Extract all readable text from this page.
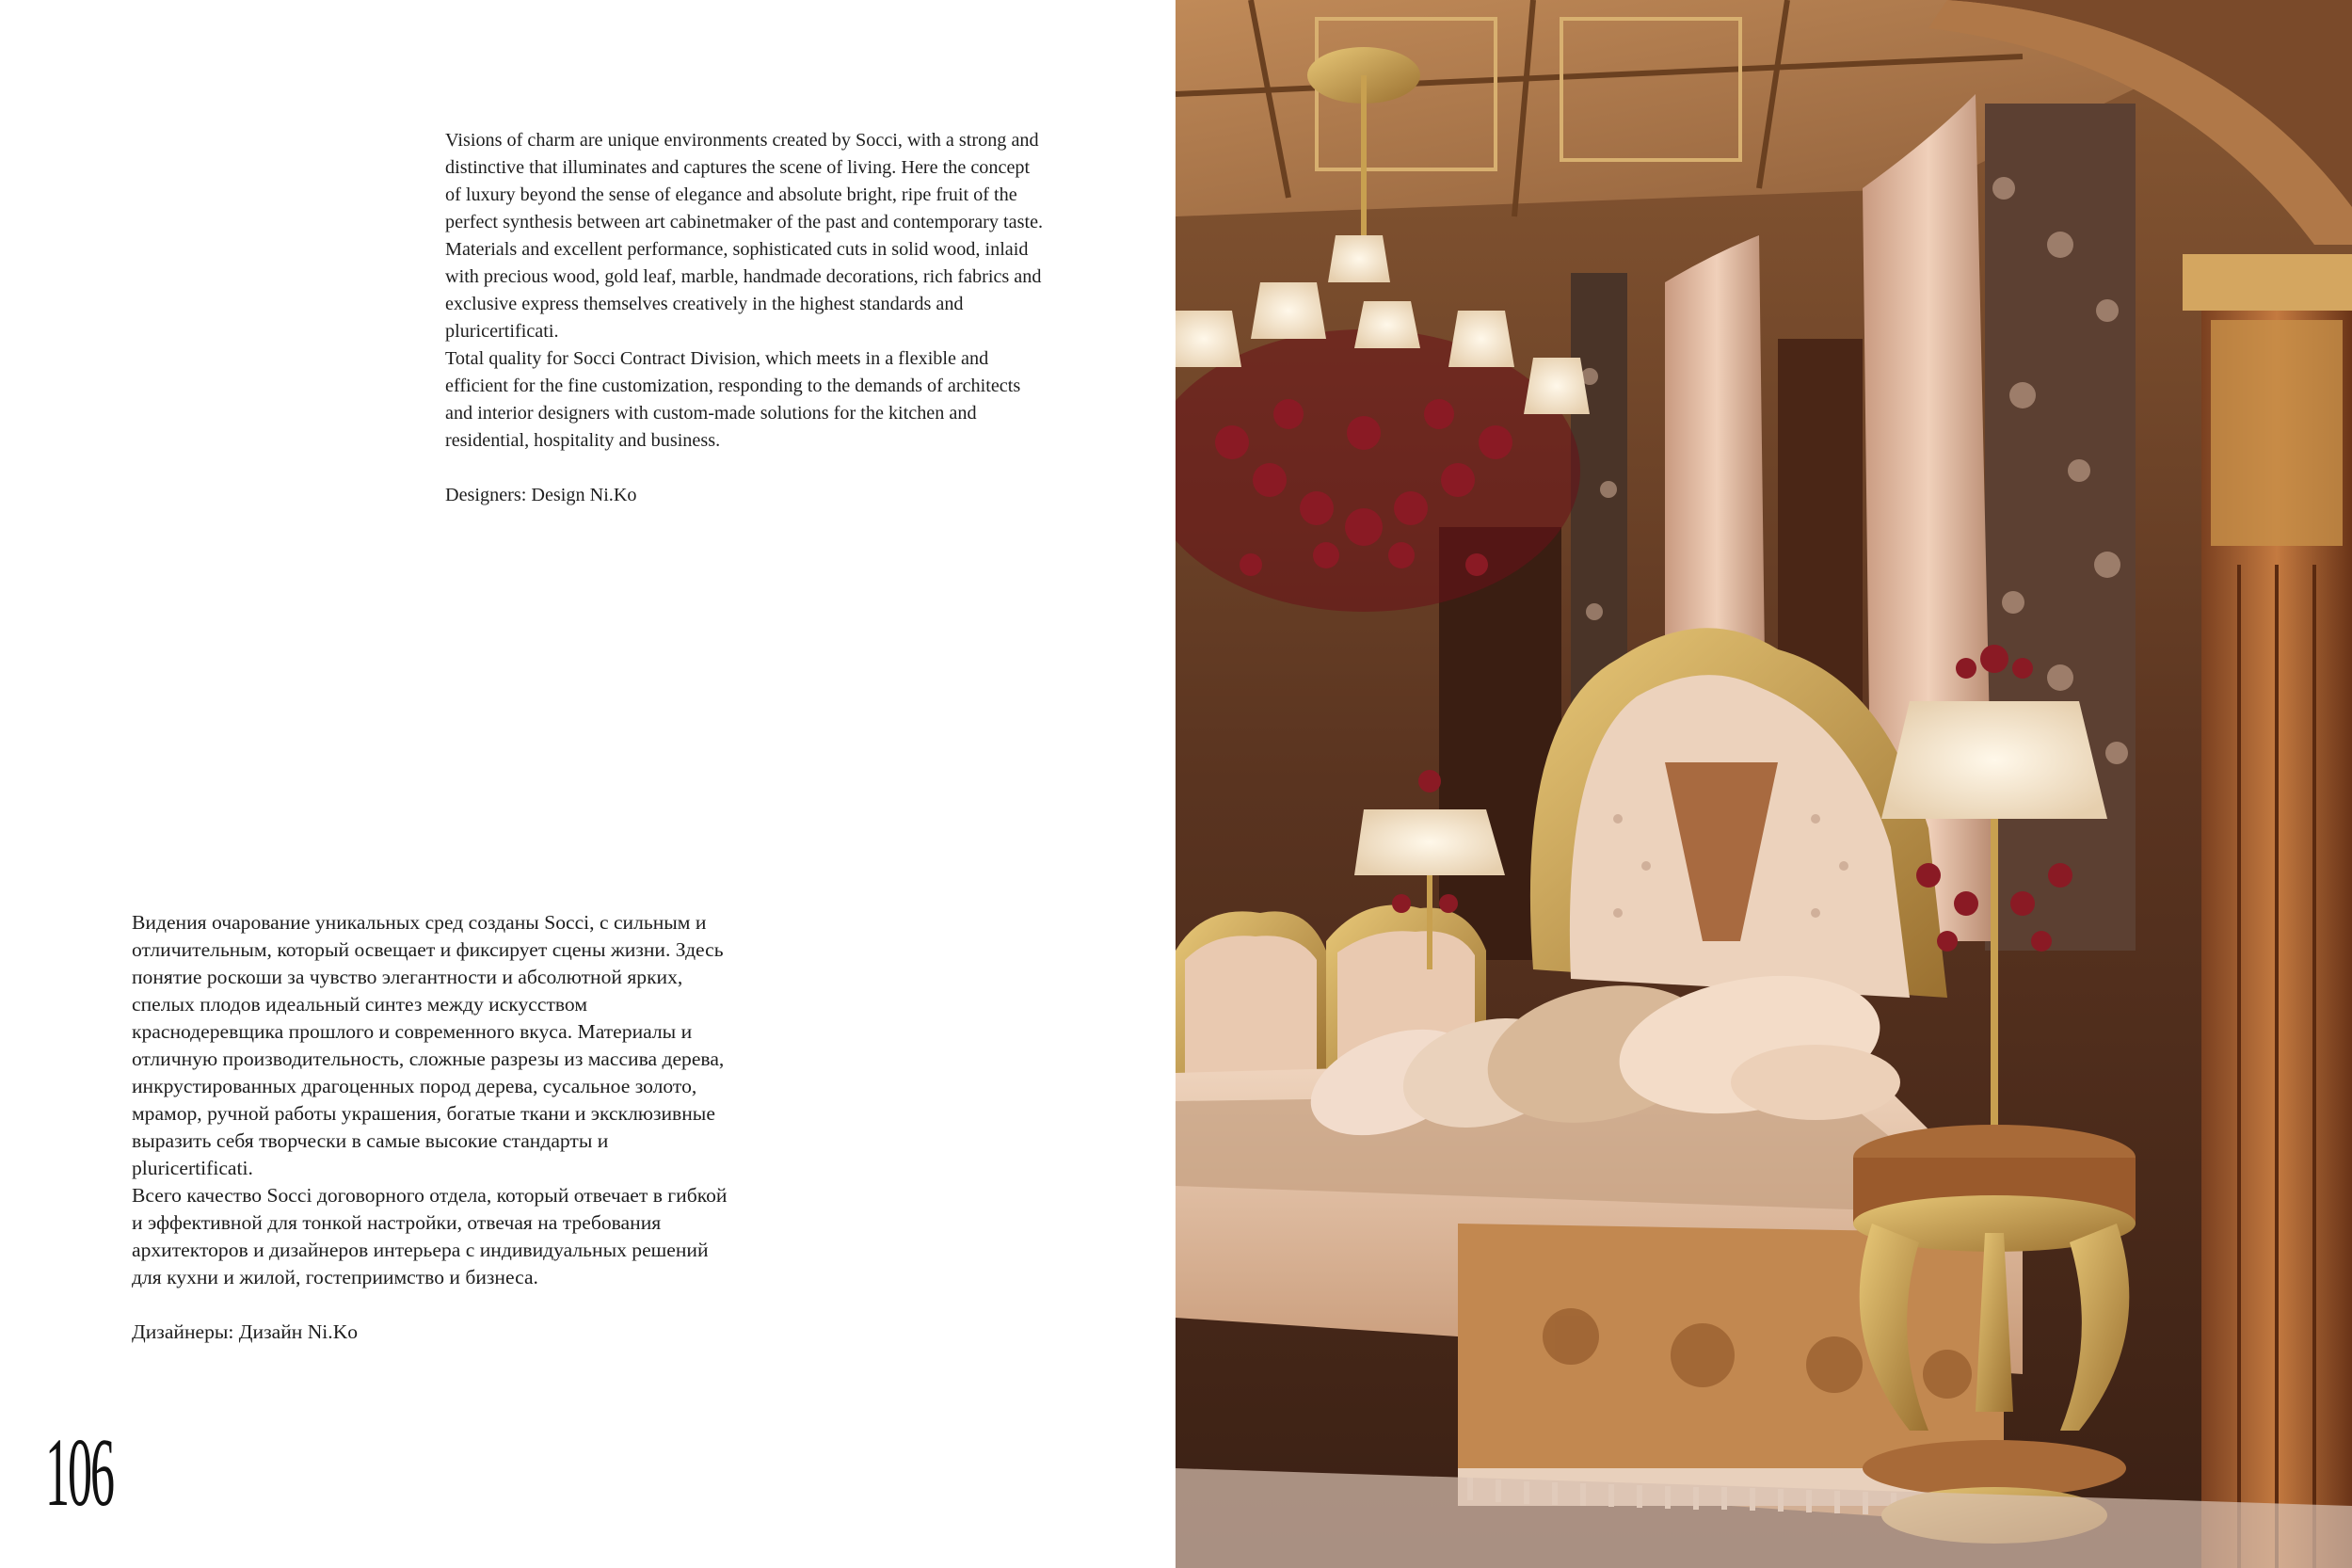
Visions of charm are unique environments created by Socci, with a strong and distinctive that illuminates and captures the scene of living. Here the concept of luxury beyond the sense of elegance and absolute bright, ripe fruit of the perfect synthesis between art cabinetmaker of the past and contemporary taste. Materials and excellent performance, sophisticated cuts in solid wood, inlaid with precious wood, gold leaf, marble, handmade decorations, rich fabrics and exclusive express themselves creatively in the highest standards and pluricertificati.

Total quality for Socci Contract Division, which meets in a flexible and efficient for the fine customization, responding to the demands of architects and interior designers with custom-made solutions for the kitchen and residential, hospitality and business.

Designers: Design Ni.Ko

Видения очарование уникальных сред созданы Socci, с сильным и отличительным, который освещает и фиксирует сцены жизни. Здесь понятие роскоши за чувство элегантности и абсолютной ярких, спелых плодов идеальный синтез между искусством краснодеревщика прошлого и современного вкуса. Материалы и отличную производительность, сложные разрезы из массива дерева, инкрустированных драгоценных пород дерева, сусальное золото, мрамор, ручной работы украшения, богатые ткани и эксклюзивные выразить себя творчески в самые высокие стандарты и pluricertificati.

Всего качество Socci договорного отдела, который отвечает в гибкой и эффективной для тонкой настройки, отвечая на требования архитекторов и дизайнеров интерьера с индивидуальных решений для кухни и жилой, гостеприимство и бизнеса.

Дизайнеры: Дизайн Ni.Ko

106
